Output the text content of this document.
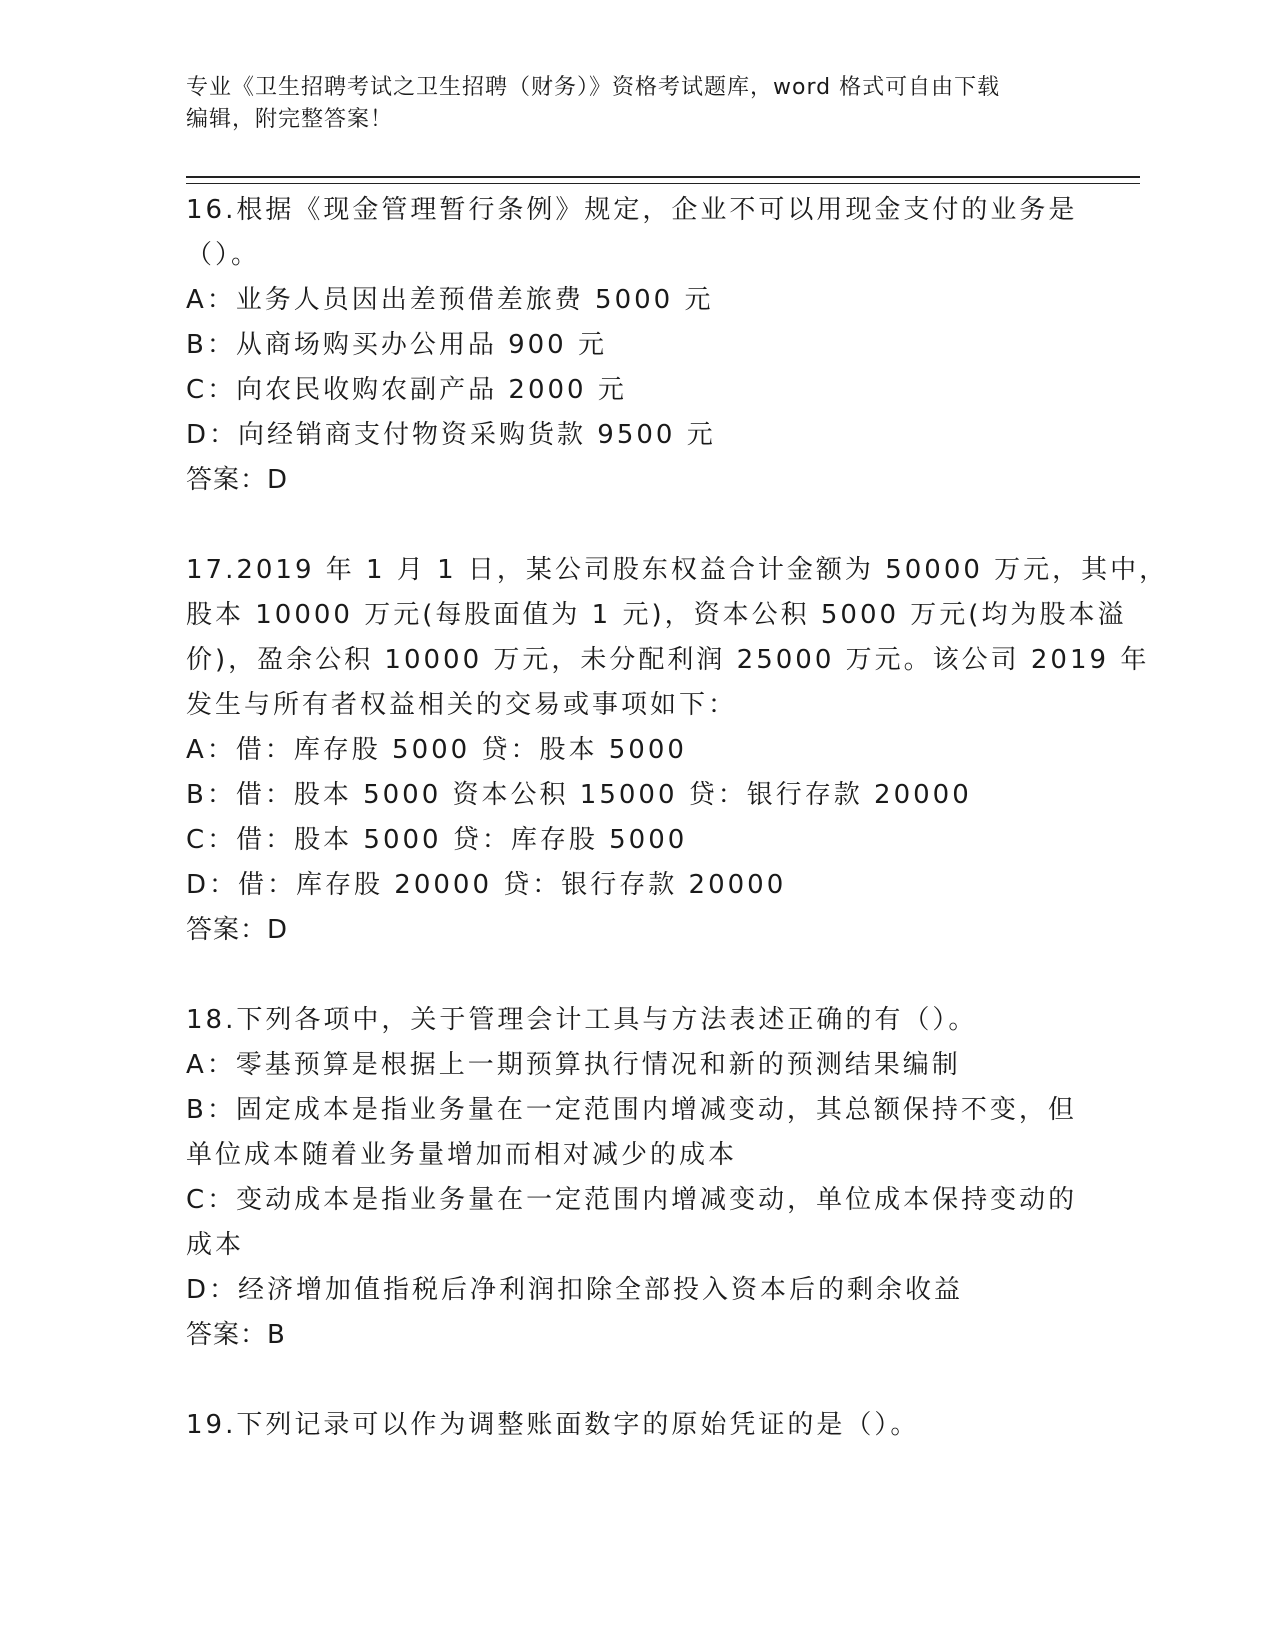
专业《卫生招聘考试之卫生招聘（财务）》资格考试题库，word 格式可自由下载
编辑，附完整答案！
16.根据《现金管理暂行条例》规定，企业不可以用现金支付的业务是
（）。
A：业务人员因出差预借差旅费 5000 元
B：从商场购买办公用品 900 元
C：向农民收购农副产品 2000 元
D：向经销商支付物资采购货款 9500 元
答案：D
17.2019 年 1 月 1 日，某公司股东权益合计金额为 50000 万元，其中，
股本 10000 万元(每股面值为 1 元)，资本公积 5000 万元(均为股本溢
价)，盈余公积 10000 万元，未分配利润 25000 万元。该公司 2019 年
发生与所有者权益相关的交易或事项如下：
A：借：库存股 5000 贷：股本 5000
B：借：股本 5000 资本公积 15000 贷：银行存款 20000
C：借：股本 5000 贷：库存股 5000
D：借：库存股 20000 贷：银行存款 20000
答案：D
18.下列各项中，关于管理会计工具与方法表述正确的有（）。
A：零基预算是根据上一期预算执行情况和新的预测结果编制
B：固定成本是指业务量在一定范围内增减变动，其总额保持不变，但
单位成本随着业务量增加而相对减少的成本
C：变动成本是指业务量在一定范围内增减变动，单位成本保持变动的
成本
D：经济增加值指税后净利润扣除全部投入资本后的剩余收益
答案：B
19.下列记录可以作为调整账面数字的原始凭证的是（）。
